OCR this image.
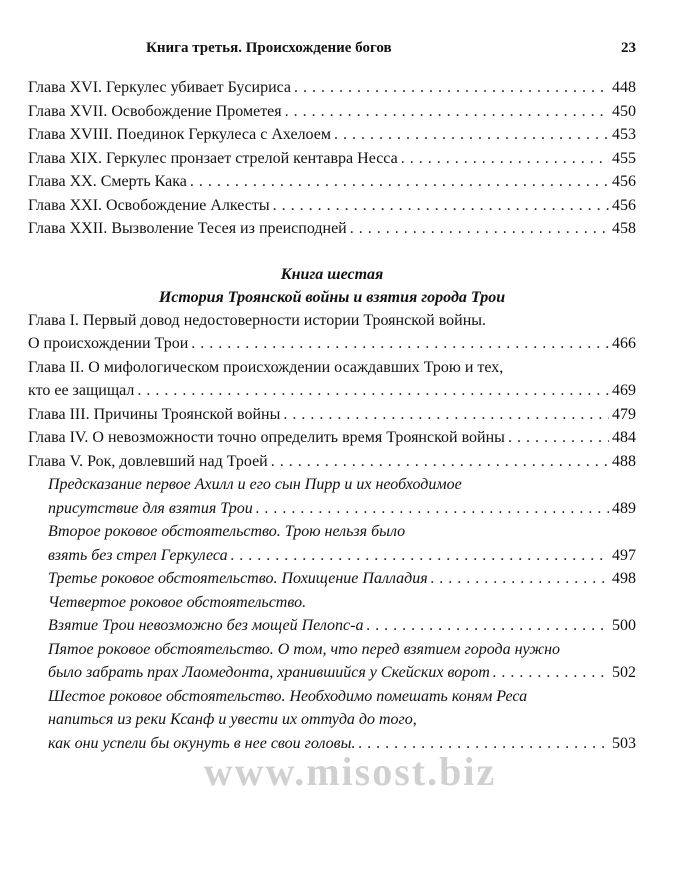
Книга третья. Происхождение богов	23
Глава XVI. Геркулес убивает Бусириса . . .	448
Глава XVII. Освобождение Прометея . . .	450
Глава XVIII. Поединок Геркулеса с Ахелоем . . .	453
Глава XIX. Геркулес пронзает стрелой кентавра Несса . . .	455
Глава XX. Смерть Кака . . .	456
Глава XXI. Освобождение Алкесты . . .	456
Глава XXII. Вызволение Тесея из преисподней . . .	458
Книга шестая
История Троянской войны и взятия города Трои
Глава I. Первый довод недостоверности истории Троянской войны.
О происхождении Трои . . .	466
Глава II. О мифологическом происхождении осаждавших Трою и тех,
кто ее защищал . . .	469
Глава III. Причины Троянской войны . . .	479
Глава IV. О невозможности точно определить время Троянской войны . . .	484
Глава V. Рок, довлевший над Троей . . .	488
Предсказание первое Ахилл и его сын Пирр и их необходимое
присутствие для взятия Трои . . .	489
Второе роковое обстоятельство. Трою нельзя было
взять без стрел Геркулеса . . .	497
Третье роковое обстоятельство. Похищение Палладия . . .	498
Четвертое роковое обстоятельство.
Взятие Трои невозможно без мощей Пелопс-а . . .	500
Пятое роковое обстоятельство. О том, что перед взятием города нужно
было забрать прах Лаомедонта, хранившийся у Скейских ворот . . .	502
Шестое роковое обстоятельство. Необходимо помешать коням Реса
напиться из реки Ксанф и увести их оттуда до того,
как они успели бы окунуть в нее свои головы. . . .	503
www.misost.biz
